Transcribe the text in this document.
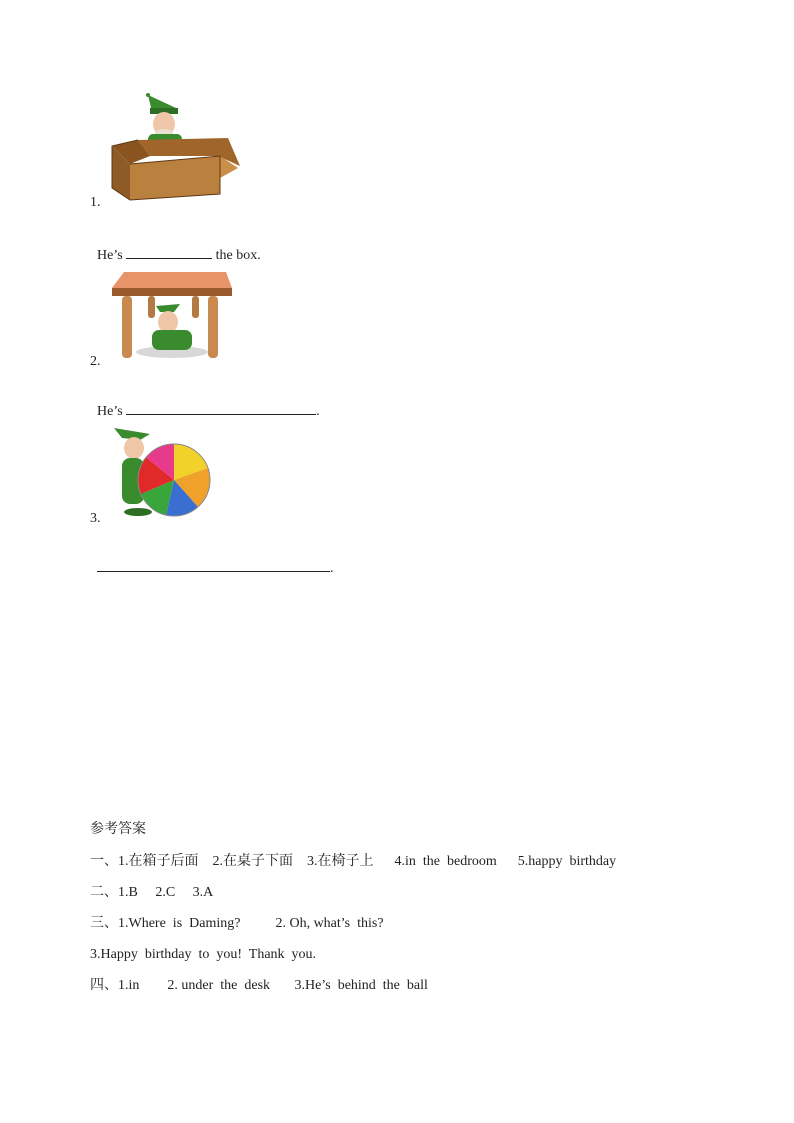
1.

He’s	the box.

2.

He’s	.

3.

.

参考答案
一、1.在箱子后面    2.在桌子下面    3.在椅子上      4.in  the  bedroom      5.happy  birthday
二、1.B     2.C     3.A
三、1.Where  is  Daming?          2. Oh, what’s  this?
3.Happy  birthday  to  you!  Thank  you.
四、1.in        2. under  the  desk       3.He’s  behind  the  ball
